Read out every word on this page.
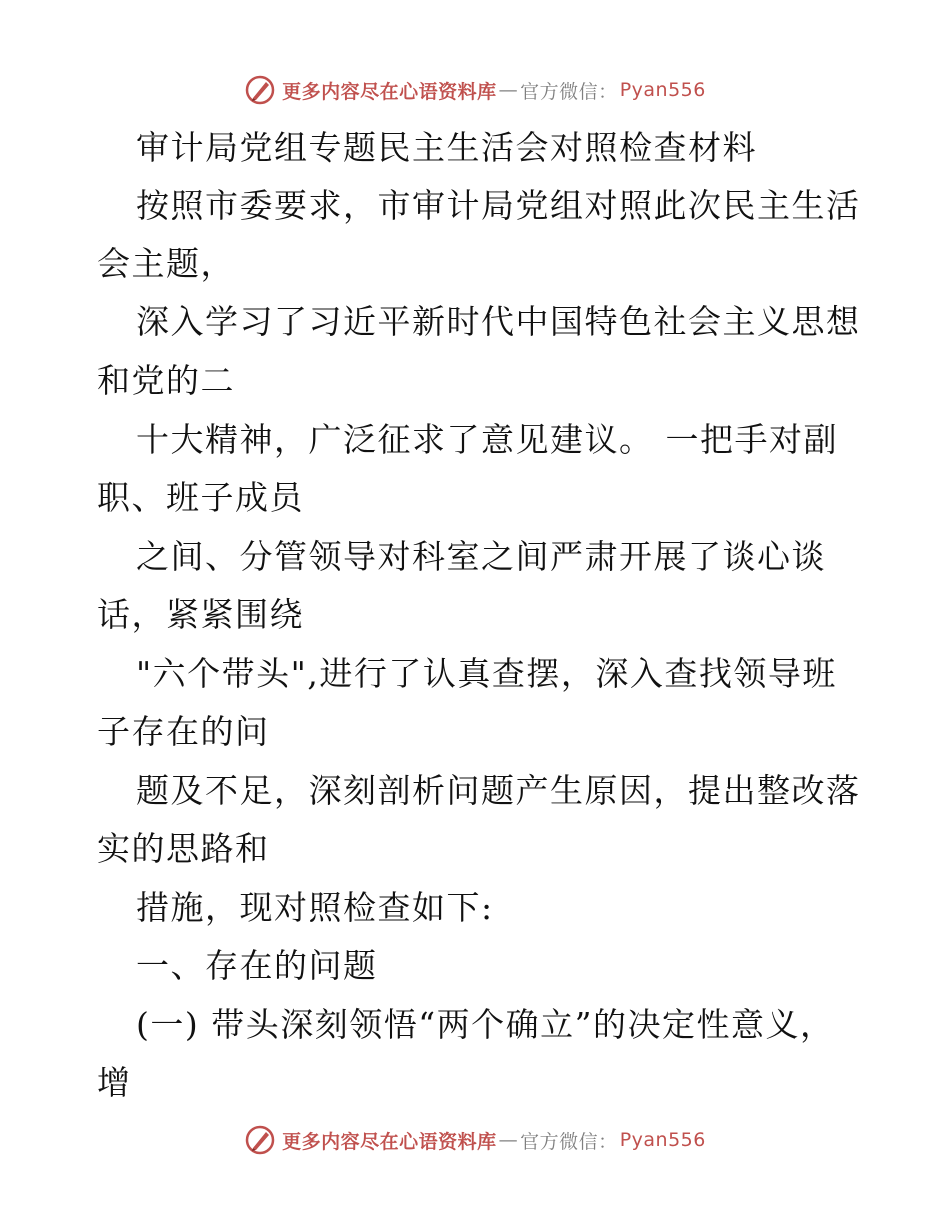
更多内容尽在心语资料库 — 官方微信： Pyan556
审计局党组专题民主生活会对照检查材料
按照市委要求，市审计局党组对照此次民主生活
会主题，
深入学习了习近平新时代中国特色社会主义思想
和党的二
十大精神，广泛征求了意见建议。 一把手对副
职、班子成员
之间、分管领导对科室之间严肃开展了谈心谈
话，紧紧围绕
"六个带头",进行了认真查摆，深入查找领导班
子存在的问
题及不足，深刻剖析问题产生原因，提出整改落
实的思路和
措施，现对照检查如下:
一、存在的问题
(一) 带头深刻领悟“两个确立”的决定性意义，
增
更多内容尽在心语资料库 — 官方微信： Pyan556
